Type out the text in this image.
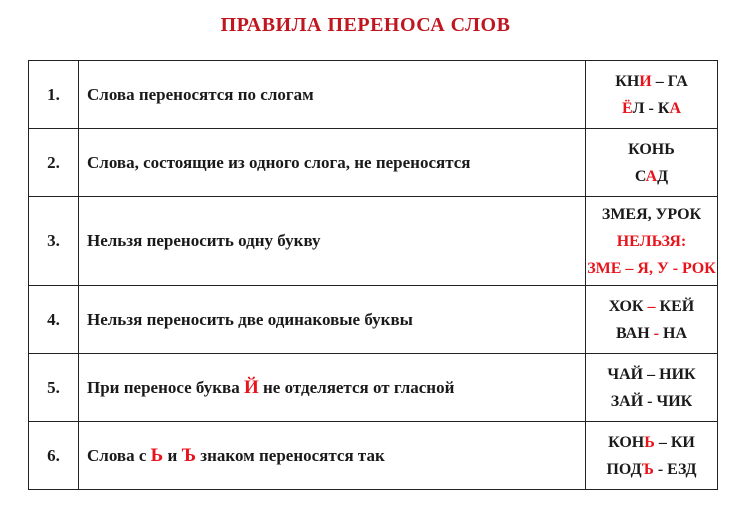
ПРАВИЛА ПЕРЕНОСА СЛОВ
1.	Слова переносятся по слогам	КНИ – ГА
ЁЛ - КА

2.	Слова, состоящие из одного слога, не переносятся	КОНЬ
САД

3.	Нельзя переносить одну букву	ЗМЕЯ, УРОК
НЕЛЬЗЯ:
ЗМЕ – Я, У - РОК

4.	Нельзя переносить две одинаковые буквы	ХОК – КЕЙ
ВАН - НА

5.	При переносе буква Й не отделяется от гласной	ЧАЙ – НИК
ЗАЙ - ЧИК

6.	Слова с Ь и Ъ знаком переносятся так	КОНЬ – КИ
ПОДЪ - ЕЗД
